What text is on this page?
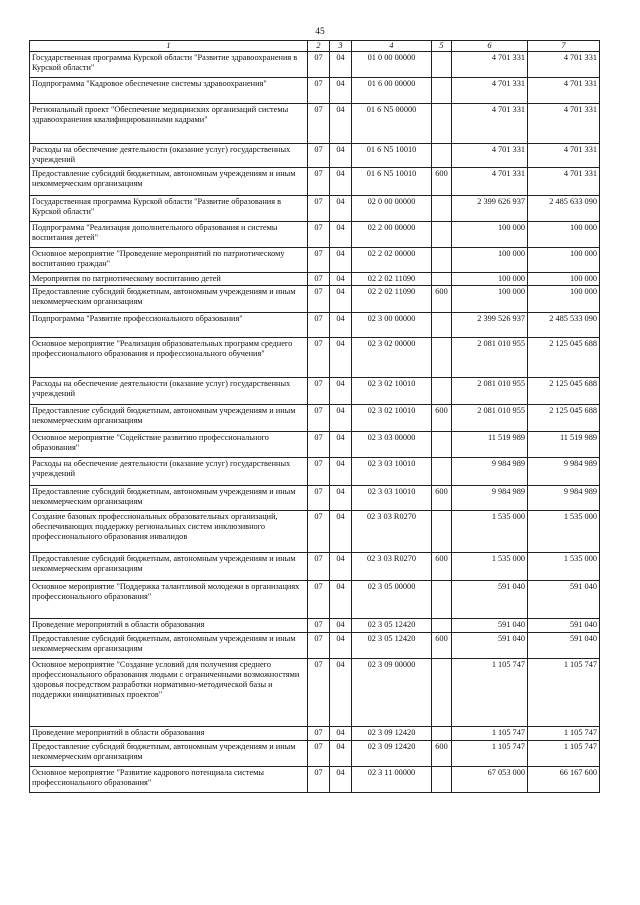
45
1	2	3	4	5	6	7
Государственная программа Курской области "Развитие здравоохранения в Курской области"	07	04	01 0 00 00000		4 701 331	4 701 331
Подпрограмма "Кадровое обеспечение системы здравоохранения"	07	04	01 6 00 00000		4 701 331	4 701 331
Региональный проект "Обеспечение медицинских организаций системы здравоохранения квалифицированными кадрами"	07	04	01 6 N5 00000		4 701 331	4 701 331
Расходы на обеспечение деятельности (оказание услуг) государственных учреждений	07	04	01 6 N5 10010		4 701 331	4 701 331
Предоставление субсидий бюджетным, автономным учреждениям и иным некоммерческим организациям	07	04	01 6 N5 10010	600	4 701 331	4 701 331
Государственная программа Курской области "Развитие образования в Курской области"	07	04	02 0 00 00000		2 399 626 937	2 485 633 090
Подпрограмма "Реализация дополнительного образования и системы воспитания детей"	07	04	02 2 00 00000		100 000	100 000
Основное мероприятие "Проведение мероприятий по патриотическому воспитанию граждан"	07	04	02 2 02 00000		100 000	100 000
Мероприятия по патриотическому воспитанию детей	07	04	02 2 02 11090		100 000	100 000
Предоставление субсидий бюджетным, автономным учреждениям и иным некоммерческим организациям	07	04	02 2 02 11090	600	100 000	100 000
Подпрограмма "Развитие профессионального образования"	07	04	02 3 00 00000		2 399 526 937	2 485 533 090
Основное мероприятие "Реализация образовательных программ среднего профессионального образования и профессионального обучения"	07	04	02 3 02 00000		2 081 010 955	2 125 045 688
Расходы на обеспечение деятельности (оказание услуг) государственных учреждений	07	04	02 3 02 10010		2 081 010 955	2 125 045 688
Предоставление субсидий бюджетным, автономным учреждениям и иным некоммерческим организациям	07	04	02 3 02 10010	600	2 081 010 955	2 125 045 688
Основное мероприятие "Содействие развитию профессионального образования"	07	04	02 3 03 00000		11 519 989	11 519 989
Расходы на обеспечение деятельности (оказание услуг) государственных учреждений	07	04	02 3 03 10010		9 984 989	9 984 989
Предоставление субсидий бюджетным, автономным учреждениям и иным некоммерческим организациям	07	04	02 3 03 10010	600	9 984 989	9 984 989
Создание базовых профессиональных образовательных организаций, обеспечивающих поддержку региональных систем инклюзивного профессионального образования инвалидов	07	04	02 3 03 R0270		1 535 000	1 535 000
Предоставление субсидий бюджетным, автономным учреждениям и иным некоммерческим организациям	07	04	02 3 03 R0270	600	1 535 000	1 535 000
Основное мероприятие "Поддержка талантливой молодежи в организациях профессионального образования"	07	04	02 3 05 00000		591 040	591 040
Проведение мероприятий в области образования	07	04	02 3 05 12420		591 040	591 040
Предоставление субсидий бюджетным, автономным учреждениям и иным некоммерческим организациям	07	04	02 3 05 12420	600	591 040	591 040
Основное мероприятие "Создание условий для получения среднего профессионального образования людьми с ограниченными возможностями здоровья посредством разработки нормативно-методической базы и поддержки инициативных проектов"	07	04	02 3 09 00000		1 105 747	1 105 747
Проведение мероприятий в области образования	07	04	02 3 09 12420		1 105 747	1 105 747
Предоставление субсидий бюджетным, автономным учреждениям и иным некоммерческим организациям	07	04	02 3 09 12420	600	1 105 747	1 105 747
Основное мероприятие "Развитие кадрового потенциала системы профессионального образования"	07	04	02 3 11 00000		67 053 000	66 167 600
